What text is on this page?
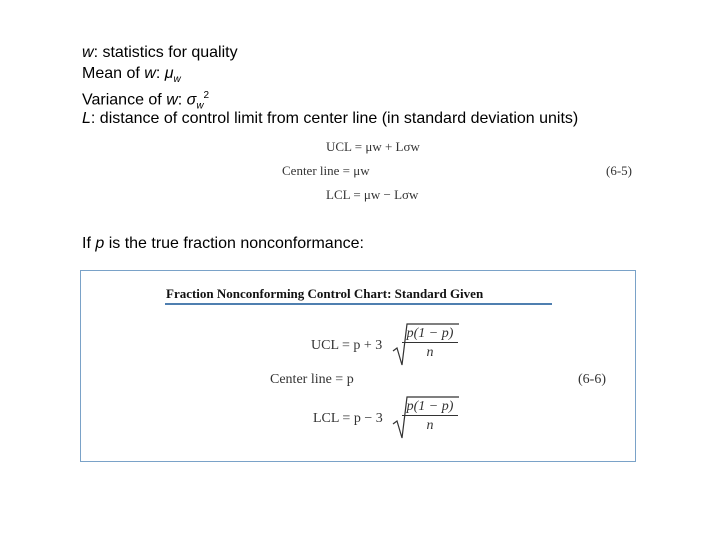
w: statistics for quality
Mean of w: $\mu_w$
Variance of w: $\sigma_w^2$
L: distance of control limit from center line (in standard deviation units)
UCL = μw + Lσw
Center line = μw
LCL = μw − Lσw
(6-5)
If p is the true fraction nonconformance:
Fraction Nonconforming Control Chart: Standard Given
UCL = $p + 3 \frac{p(1 - p)}{n}$
Center line = p	(6-6)
LCL = $p - 3 \frac{p(1 - p)}{n}$
